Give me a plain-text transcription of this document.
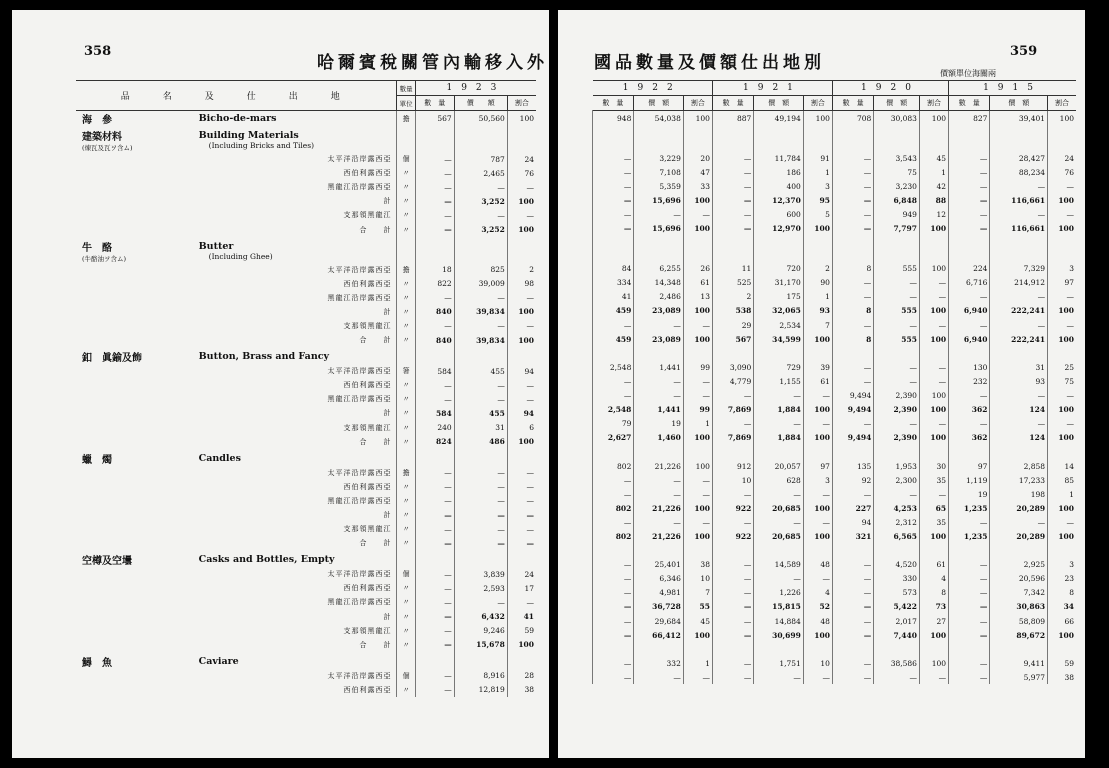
358
哈爾賓稅關管內輸移入外
品　名　及　仕　出　地		數量	1923		
		單位	數　量	價　　額	割合
海　參	Bicho-de-mars	擔	567	50,560	100
建築材料
(煉瓦及瓦ヲ含ム)	Building Materials
(Including Bricks and Tiles)				

	太平洋沿岸露西亞	個	—	787	24
	西伯利露西亞	〃	—	2,465	76
	黑龍江沿岸露西亞	〃	—	—	—
	計	〃	—	3,252	100
	支那領黑龍江	〃	—	—	—
	合　　計	〃	—	3,252	100
牛　酪
(牛酪油ヲ含ム)	Butter
(Including Ghee)				

	太平洋沿岸露西亞	擔	18	825	2
	西伯利露西亞	〃	822	39,009	98
	黑龍江沿岸露西亞	〃	—	—	—
	計	〃	840	39,834	100
	支那領黑龍江	〃	—	—	—
	合　　計	〃	840	39,834	100
釦　眞鍮及飾	Button, Brass and Fancy				
	太平洋沿岸露西亞	箸	584	455	94
	西伯利露西亞	〃	—	—	—
	黑龍江沿岸露西亞	〃	—	—	—
	計	〃	584	455	94
	支那領黑龍江	〃	240	31	6
	合　　計	〃	824	486	100
蠟　燭	Candles				
	太平洋沿岸露西亞	擔	—	—	—
	西伯利露西亞	〃	—	—	—
	黑龍江沿岸露西亞	〃	—	—	—
	計	〃	—	—	—
	支那領黑龍江	〃	—	—	—
	合　　計	〃	—	—	—
空樽及空壜	Casks and Bottles, Empty				
	太平洋沿岸露西亞	個	—	3,839	24
	西伯利露西亞	〃	—	2,593	17
	黑龍江沿岸露西亞	〃	—	—	—
	計	〃	—	6,432	41
	支那領黑龍江	〃	—	9,246	59
	合　　計	〃	—	15,678	100
鱘　魚	Caviare				
	太平洋沿岸露西亞	個	—	8,916	28
	西伯利露西亞	〃	—	12,819	38
國品數量及價額仕出地別
359
價額單位海關兩
1922			1921			1920			1915		
數　量	價　額	割合	數　量	價　額	割合	數　量	價　額	割合	數　量	價　額	割合
948	54,038	100	887	49,194	100	708	30,083	100	827	39,401	100

—	3,229	20	—	11,784	91	—	3,543	45	—	28,427	24
—	7,108	47	—	186	1	—	75	1	—	88,234	76
—	5,359	33	—	400	3	—	3,230	42	—	—	—
—	15,696	100	—	12,370	95	—	6,848	88	—	116,661	100
—	—	—	—	600	5	—	949	12	—	—	—
—	15,696	100	—	12,970	100	—	7,797	100	—	116,661	100

84	6,255	26	11	720	2	8	555	100	224	7,329	3
334	14,348	61	525	31,170	90	—	—	—	6,716	214,912	97
41	2,486	13	2	175	1	—	—	—	—	—	—
459	23,089	100	538	32,065	93	8	555	100	6,940	222,241	100
—	—	—	29	2,534	7	—	—	—	—	—	—
459	23,089	100	567	34,599	100	8	555	100	6,940	222,241	100

2,548	1,441	99	3,090	729	39	—	—	—	130	31	25
—	—	—	4,779	1,155	61	—	—	—	232	93	75
—	—	—	—	—	—	9,494	2,390	100	—	—	—
2,548	1,441	99	7,869	1,884	100	9,494	2,390	100	362	124	100
79	19	1	—	—	—	—	—	—	—	—	—
2,627	1,460	100	7,869	1,884	100	9,494	2,390	100	362	124	100

802	21,226	100	912	20,057	97	135	1,953	30	97	2,858	14
—	—	—	10	628	3	92	2,300	35	1,119	17,233	85
—	—	—	—	—	—	—	—	—	19	198	1
802	21,226	100	922	20,685	100	227	4,253	65	1,235	20,289	100
—	—	—	—	—	—	94	2,312	35	—	—	—
802	21,226	100	922	20,685	100	321	6,565	100	1,235	20,289	100

—	25,401	38	—	14,589	48	—	4,520	61	—	2,925	3
—	6,346	10	—	—	—	—	330	4	—	20,596	23
—	4,981	7	—	1,226	4	—	573	8	—	7,342	8
—	36,728	55	—	15,815	52	—	5,422	73	—	30,863	34
—	29,684	45	—	14,884	48	—	2,017	27	—	58,809	66
—	66,412	100	—	30,699	100	—	7,440	100	—	89,672	100

—	332	1	—	1,751	10	—	38,586	100	—	9,411	59
—	—	—	—	—	—	—	—	—	—	5,977	38
